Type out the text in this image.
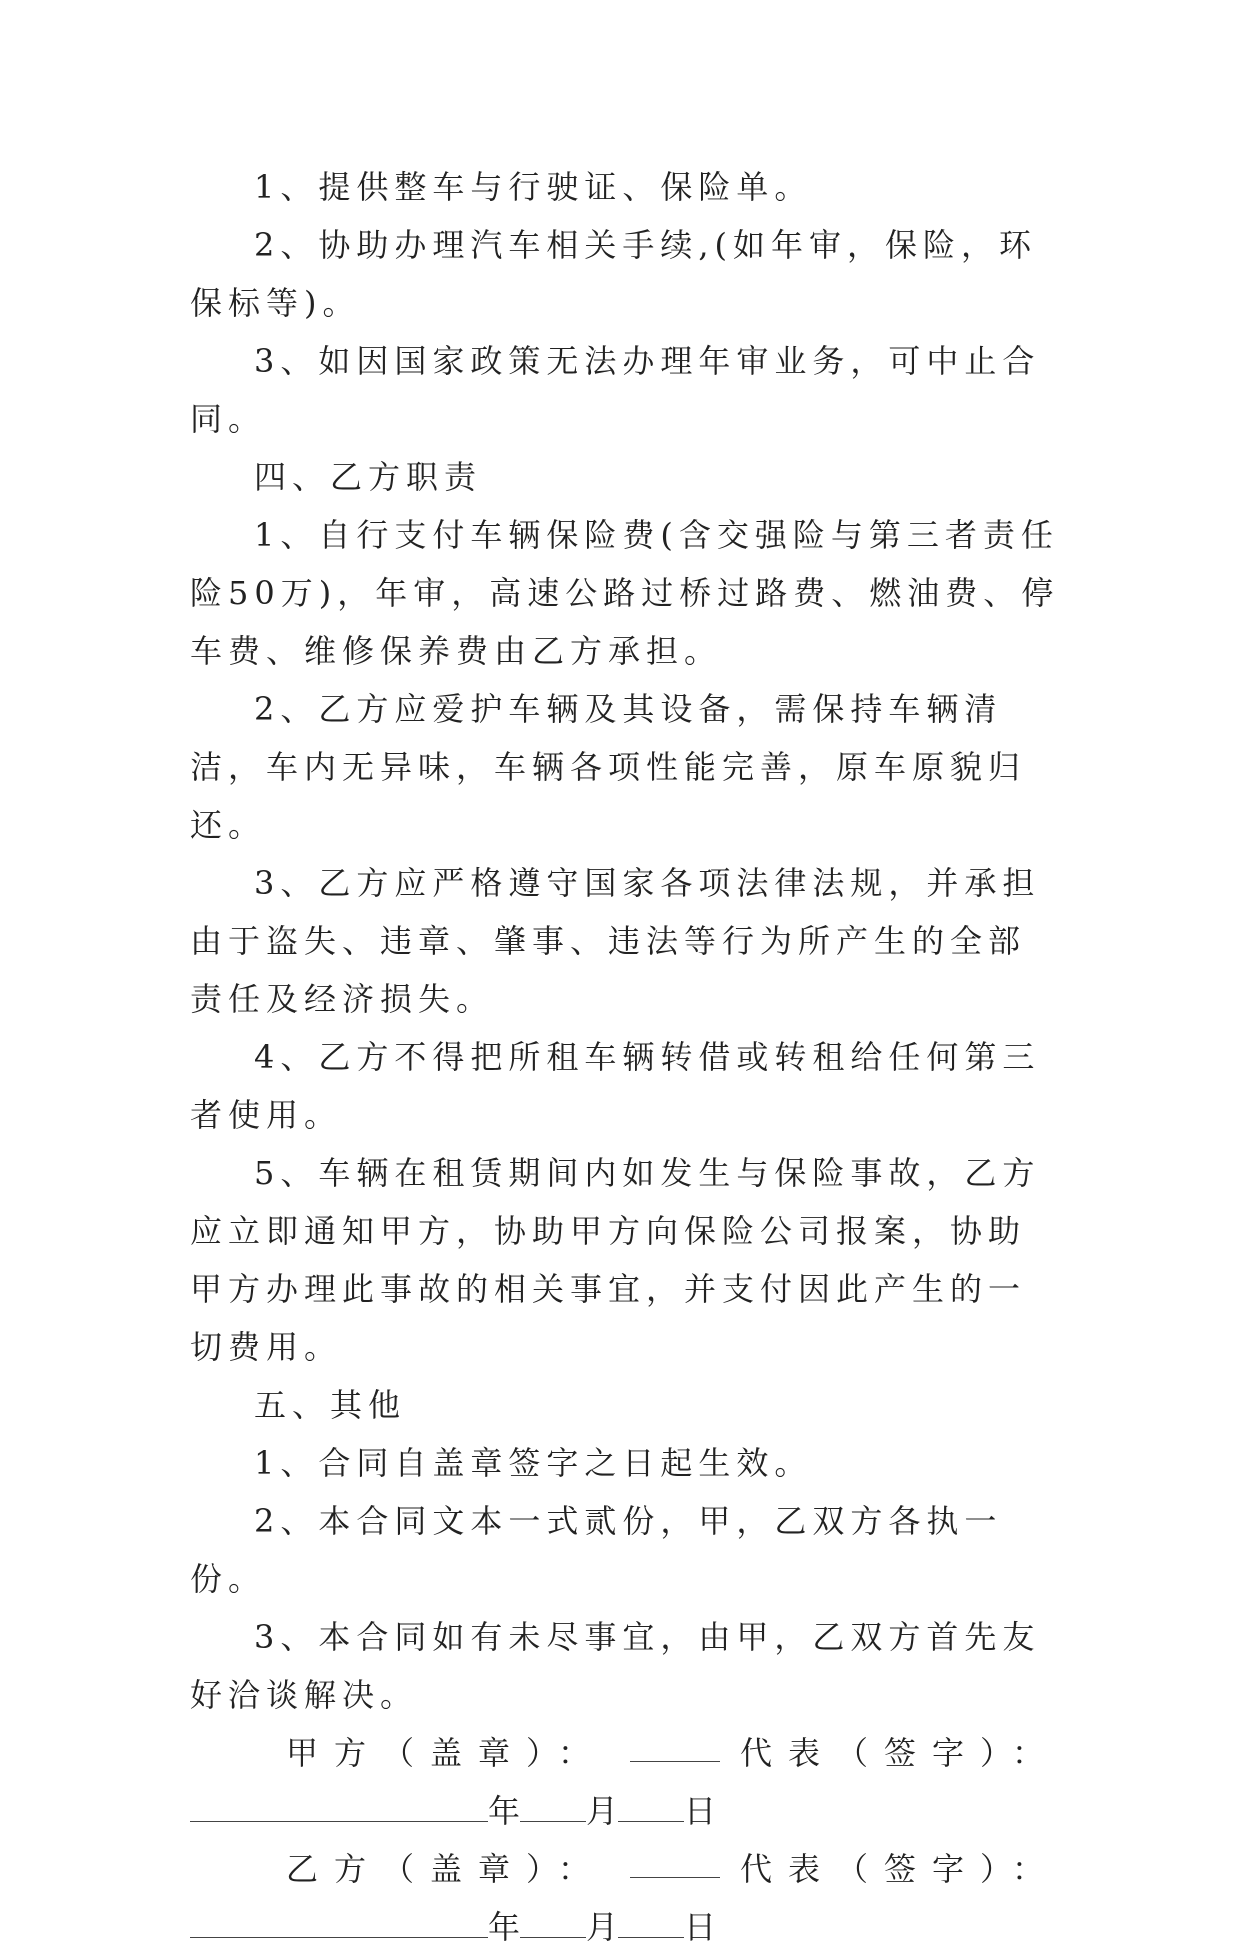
1、提供整车与行驶证、保险单。

2、协助办理汽车相关手续,(如年审，保险，环保标等)。

3、如因国家政策无法办理年审业务，可中止合同。

四、乙方职责

1、自行支付车辆保险费(含交强险与第三者责任险50万)，年审，高速公路过桥过路费、燃油费、停车费、维修保养费由乙方承担。

2、乙方应爱护车辆及其设备，需保持车辆清洁，车内无异味，车辆各项性能完善，原车原貌归还。

3、乙方应严格遵守国家各项法律法规，并承担由于盗失、违章、肇事、违法等行为所产生的全部责任及经济损失。

4、乙方不得把所租车辆转借或转租给任何第三者使用。

5、车辆在租赁期间内如发生与保险事故，乙方应立即通知甲方，协助甲方向保险公司报案，协助甲方办理此事故的相关事宜，并支付因此产生的一切费用。

五、其他

1、合同自盖章签字之日起生效。

2、本合同文本一式贰份，甲，乙双方各执一份。

3、本合同如有未尽事宜，由甲，乙双方首先友好洽谈解决。

甲方（盖章）：	代表（签字）：
年 月 日
乙方（盖章）：	代表（签字）：
年 月 日
